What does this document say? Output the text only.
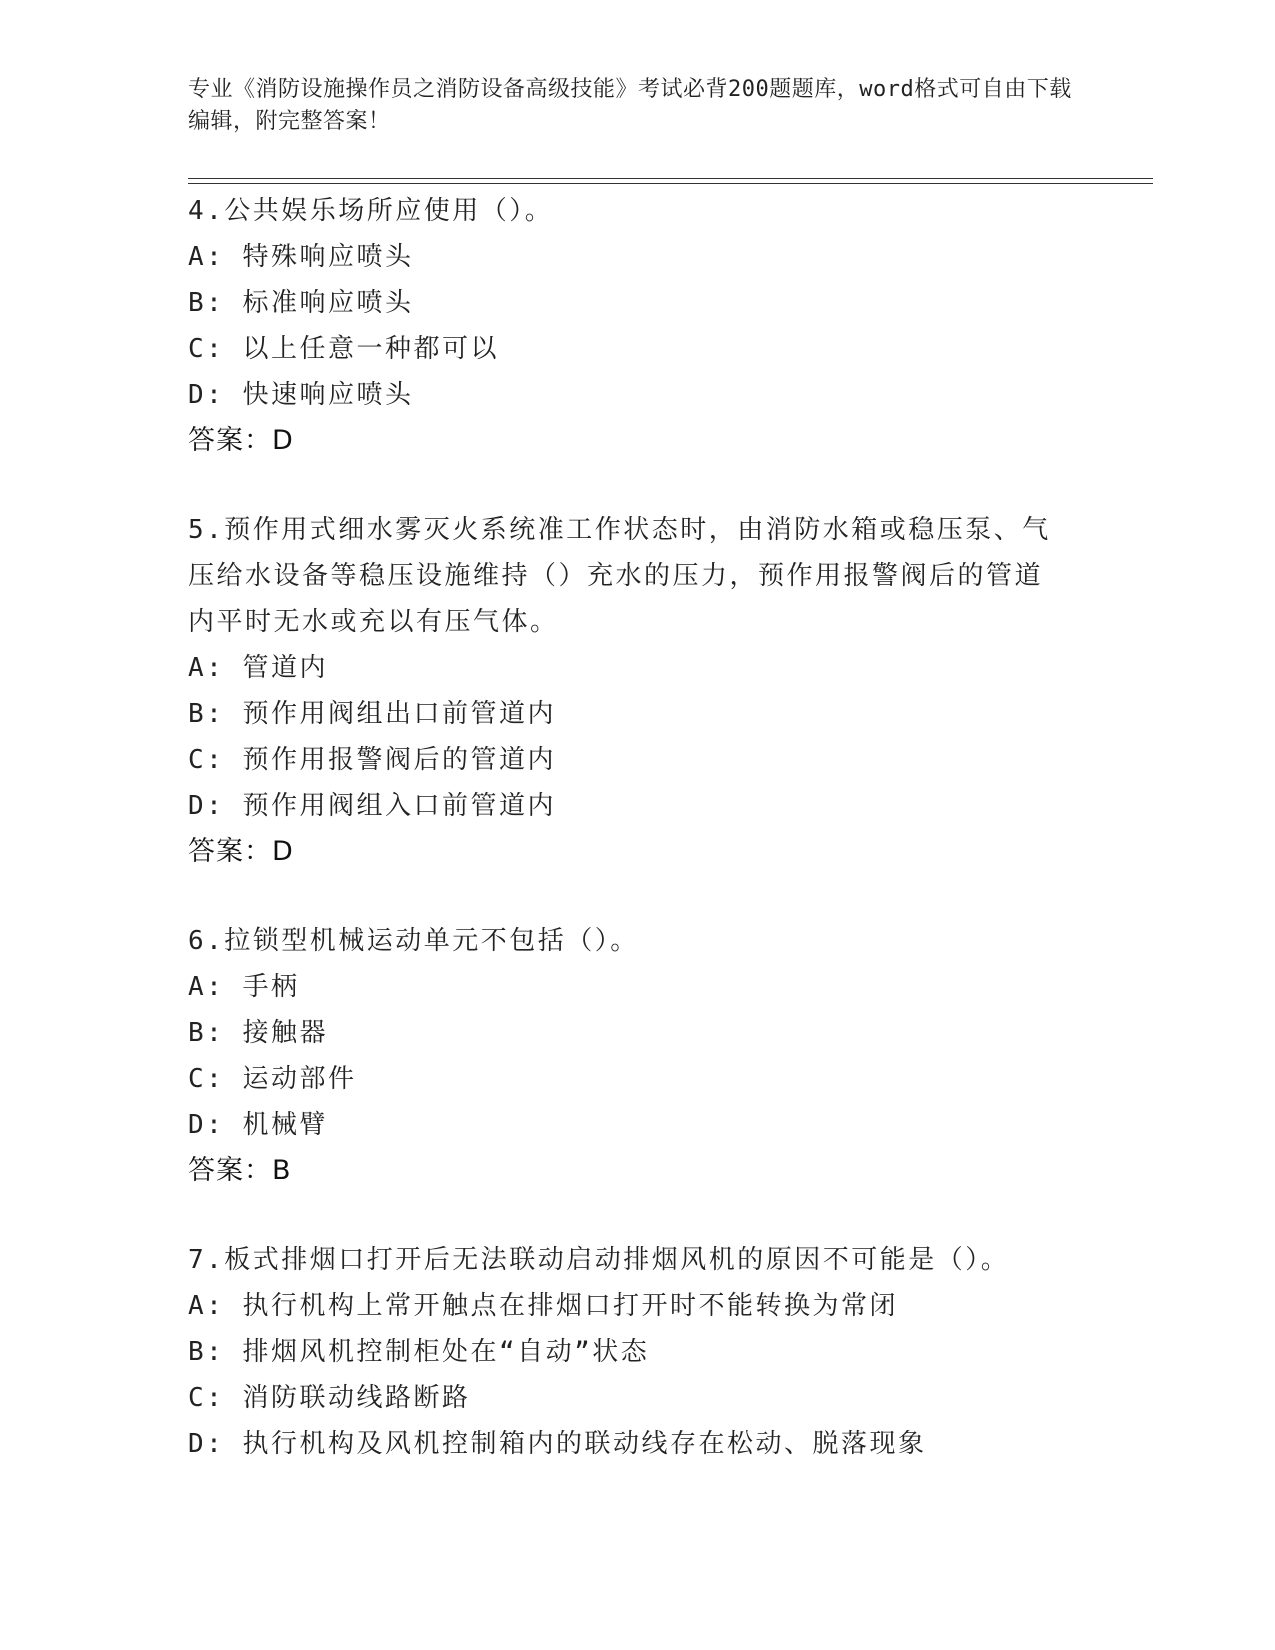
专业《消防设施操作员之消防设备高级技能》考试必背200题题库，word格式可自由下载编辑，附完整答案！

4.公共娱乐场所应使用（）。

A: 特殊响应喷头

B: 标准响应喷头

C: 以上任意一种都可以

D: 快速响应喷头

答案：D

5.预作用式细水雾灭火系统准工作状态时，由消防水箱或稳压泵、气压给水设备等稳压设施维持（）充水的压力，预作用报警阀后的管道内平时无水或充以有压气体。

A: 管道内

B: 预作用阀组出口前管道内

C: 预作用报警阀后的管道内

D: 预作用阀组入口前管道内

答案：D

6.拉锁型机械运动单元不包括（）。

A: 手柄

B: 接触器

C: 运动部件

D: 机械臂

答案：B

7.板式排烟口打开后无法联动启动排烟风机的原因不可能是（）。

A: 执行机构上常开触点在排烟口打开时不能转换为常闭

B: 排烟风机控制柜处在“自动”状态

C: 消防联动线路断路

D: 执行机构及风机控制箱内的联动线存在松动、脱落现象
